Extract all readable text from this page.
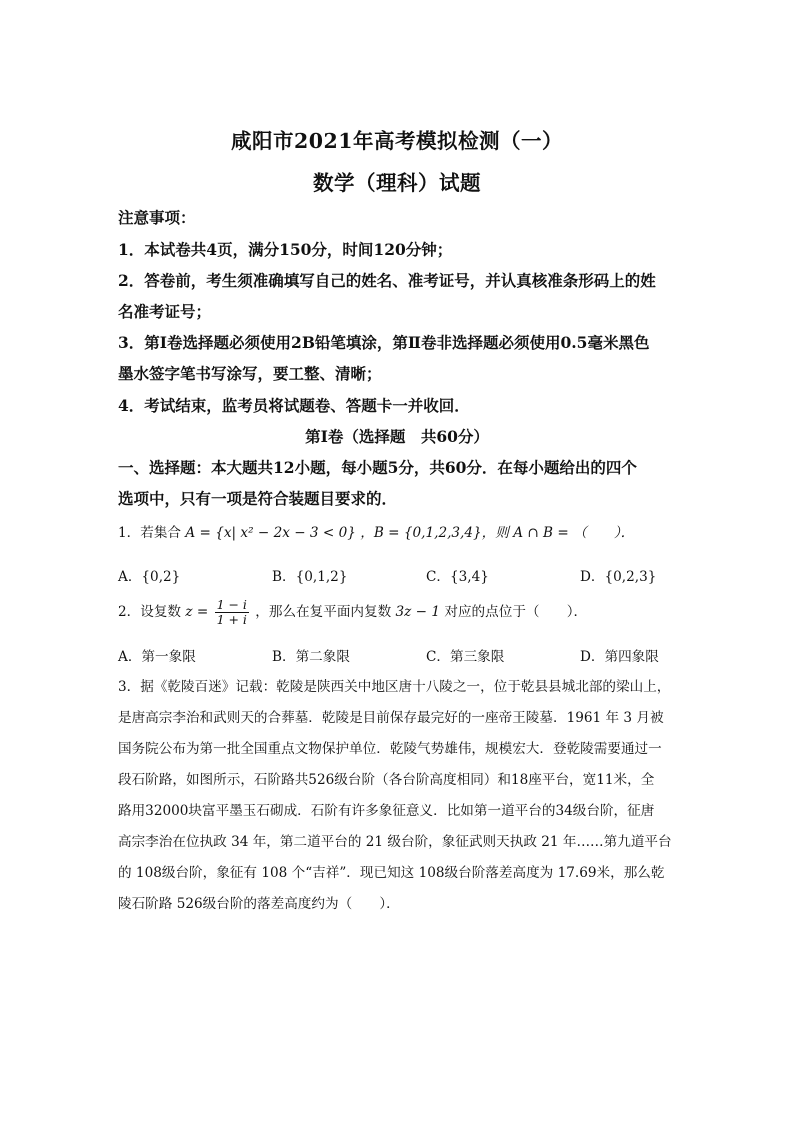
咸阳市2021年高考模拟检测（一）
数学（理科）试题
注意事项：
1．本试卷共4页，满分150分，时间120分钟；
2．答卷前，考生须准确填写自己的姓名、准考证号，并认真核准条形码上的姓
名准考证号；
3．第Ⅰ卷选择题必须使用2B铅笔填涂，第Ⅱ卷非选择题必须使用0.5毫米黑色
墨水签字笔书写涂写，要工整、清晰；
4．考试结束，监考员将试题卷、答题卡一并收回．
第Ⅰ卷（选择题　共60分）
一、选择题：本大题共12小题，每小题5分，共60分．在每小题给出的四个
选项中，只有一项是符合装题目要求的．
1．若集合 A = {x| x² − 2x − 3 < 0} ，B = {0,1,2,3,4}，则 A ∩ B = （　　）．
A．{0,2}	B．{0,1,2}	C．{3,4}	D．{0,2,3}
2．设复数 $z = \frac{1 - i}{1 + i}$ ，那么在复平面内复数 3z − 1 对应的点位于（　　）．
A．第一象限	B．第二象限	C．第三象限	D．第四象限
3．据《乾陵百迷》记载：乾陵是陕西关中地区唐十八陵之一，位于乾县县城北部的梁山上，
是唐高宗李治和武则天的合葬墓．乾陵是目前保存最完好的一座帝王陵墓．1961 年 3 月被
国务院公布为第一批全国重点文物保护单位．乾陵气势雄伟，规模宏大．登乾陵需要通过一
段石阶路，如图所示，石阶路共526级台阶（各台阶高度相同）和18座平台，宽11米，全
路用32000块富平墨玉石砌成．石阶有许多象征意义．比如第一道平台的34级台阶，征唐
高宗李治在位执政 34 年，第二道平台的 21 级台阶，象征武则天执政 21 年……第九道平台
的 108级台阶，象征有 108 个“吉祥”．现已知这 108级台阶落差高度为 17.69米，那么乾
陵石阶路 526级台阶的落差高度约为（　　）．
